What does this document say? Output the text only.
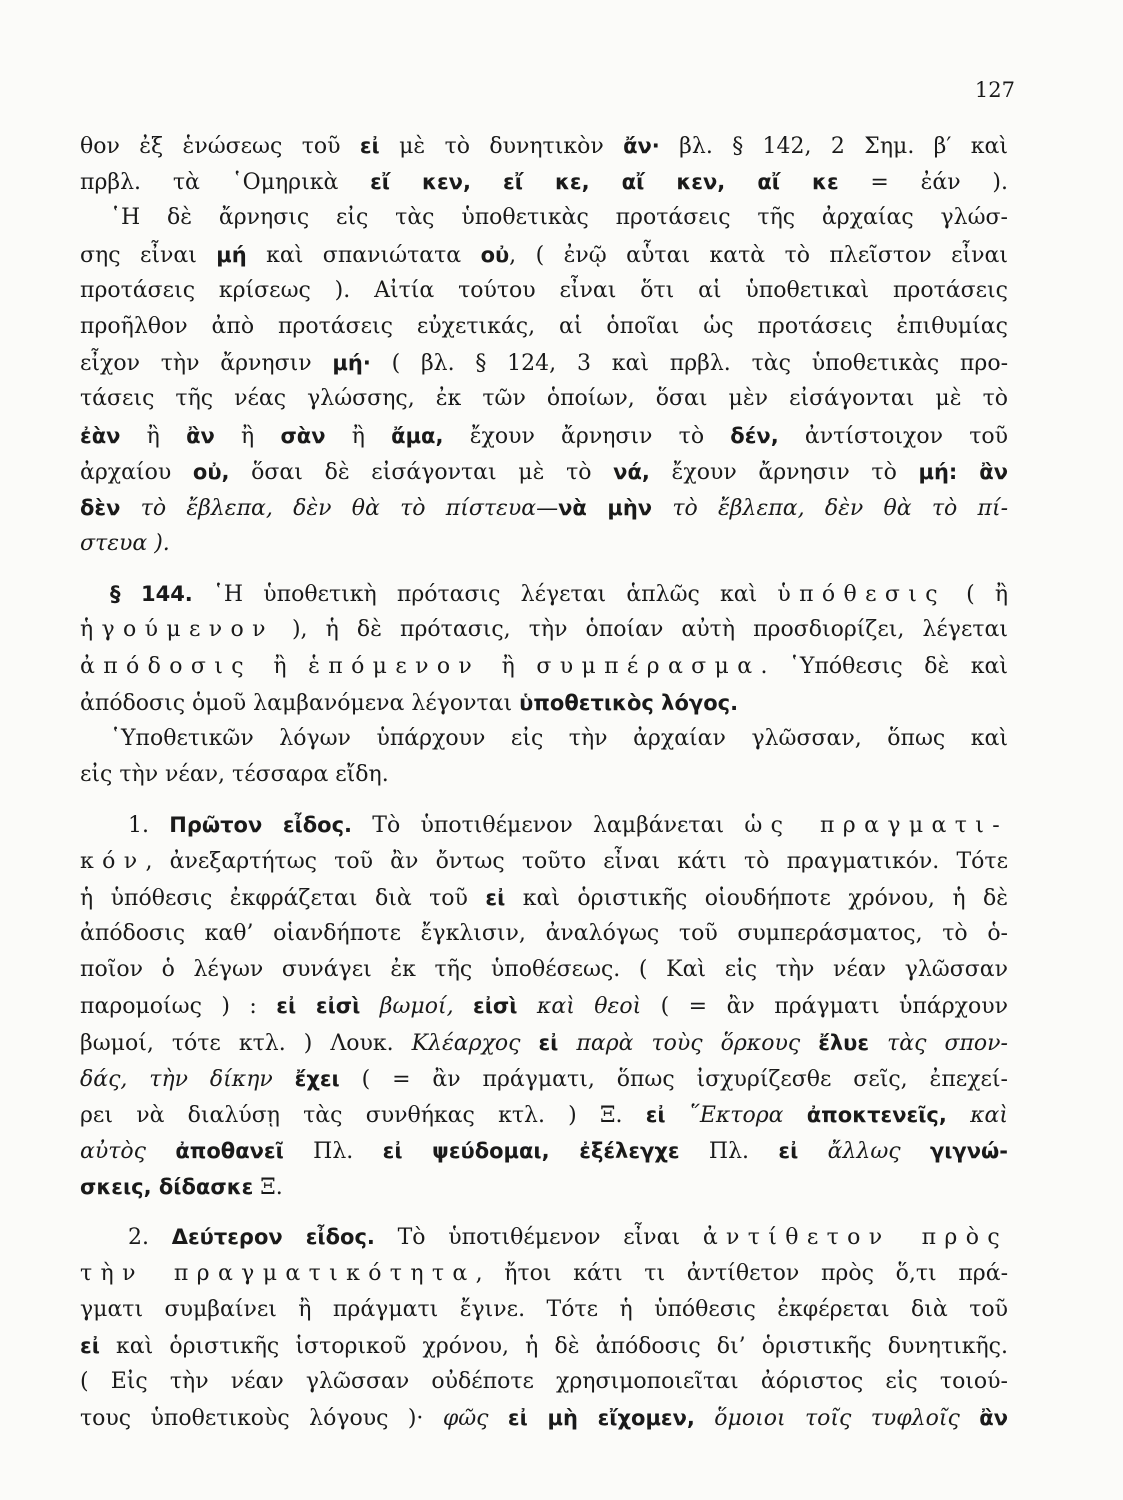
127
θον ἐξ ἑνώσεως τοῦ εἰ μὲ τὸ δυνητικὸν ἄν· βλ. § 142, 2 Σημ. β′ καὶ
πρβλ. τὰ ῾Ομηρικὰ εἴ κεν, εἴ κε, αἴ κεν, αἴ κε = ἐάν ).
῾Η δὲ ἄρνησις εἰς τὰς ὑποθετικὰς προτάσεις τῆς ἀρχαίας γλώσ-
σης εἶναι μή καὶ σπανιώτατα οὐ, ( ἐνῷ αὗται κατὰ τὸ πλεῖστον εἶναι
προτάσεις κρίσεως ). Αἰτία τούτου εἶναι ὅτι αἱ ὑποθετικαὶ προτάσεις
προῆλθον ἀπὸ προτάσεις εὐχετικάς, αἱ ὁποῖαι ὡς προτάσεις ἐπιθυμίας
εἶχον τὴν ἄρνησιν μή· ( βλ. § 124, 3 καὶ πρβλ. τὰς ὑποθετικὰς προ-
τάσεις τῆς νέας γλώσσης, ἐκ τῶν ὁποίων, ὅσαι μὲν εἰσάγονται μὲ τὸ
ἐὰν ἢ ἂν ἢ σὰν ἢ ἄμα, ἔχουν ἄρνησιν τὸ δέν, ἀντίστοιχον τοῦ
ἀρχαίου οὐ, ὅσαι δὲ εἰσάγονται μὲ τὸ νά, ἔχουν ἄρνησιν τὸ μή: ἂν
δὲν τὸ ἔβλεπα, δὲν θὰ τὸ πίστευα—νὰ μὴν τὸ ἔβλεπα, δὲν θὰ τὸ πί-
στευα ).
§ 144. ῾Η ὑποθετικὴ πρότασις λέγεται ἁπλῶς καὶ ὑπόθεσις ( ἢ
ἡγούμενον ), ἡ δὲ πρότασις, τὴν ὁποίαν αὐτὴ προσδιορίζει, λέγεται
ἀπόδοσις ἢ ἑπόμενον ἢ συμπέρασμα. ῾Υπόθεσις δὲ καὶ
ἀπόδοσις ὁμοῦ λαμβανόμενα λέγονται ὑποθετικὸς λόγος.
῾Υποθετικῶν λόγων ὑπάρχουν εἰς τὴν ἀρχαίαν γλῶσσαν, ὅπως καὶ
εἰς τὴν νέαν, τέσσαρα εἴδη.
1. Πρῶτον εἶδος. Τὸ ὑποτιθέμενον λαμβάνεται ὡς πραγματι-
κόν, ἀνεξαρτήτως τοῦ ἂν ὄντως τοῦτο εἶναι κάτι τὸ πραγματικόν. Τότε
ἡ ὑπόθεσις ἐκφράζεται διὰ τοῦ εἰ καὶ ὁριστικῆς οἱουδήποτε χρόνου, ἡ δὲ
ἀπόδοσις καθ’ οἱανδήποτε ἔγκλισιν, ἀναλόγως τοῦ συμπεράσματος, τὸ ὁ-
ποῖον ὁ λέγων συνάγει ἐκ τῆς ὑποθέσεως. ( Καὶ εἰς τὴν νέαν γλῶσσαν
παρομοίως ) : εἰ εἰσὶ βωμοί, εἰσὶ καὶ θεοὶ ( = ἂν πράγματι ὑπάρχουν
βωμοί, τότε κτλ. ) Λουκ. Κλέαρχος εἰ παρὰ τοὺς ὅρκους ἔλυε τὰς σπον-
δάς, τὴν δίκην ἔχει ( = ἂν πράγματι, ὅπως ἰσχυρίζεσθε σεῖς, ἐπεχεί-
ρει νὰ διαλύσῃ τὰς συνθήκας κτλ. ) Ξ. εἰ ῞Εκτορα ἀποκτενεῖς, καὶ
αὐτὸς ἀποθανεῖ Πλ. εἰ ψεύδομαι, ἐξέλεγχε Πλ. εἰ ἄλλως γιγνώ-
σκεις, δίδασκε Ξ.
2. Δεύτερον εἶδος. Τὸ ὑποτιθέμενον εἶναι ἀντίθετον πρὸς
τὴν πραγματικότητα, ἤτοι κάτι τι ἀντίθετον πρὸς ὅ,τι πρά-
γματι συμβαίνει ἢ πράγματι ἔγινε. Τότε ἡ ὑπόθεσις ἐκφέρεται διὰ τοῦ
εἰ καὶ ὁριστικῆς ἱστορικοῦ χρόνου, ἡ δὲ ἀπόδοσις δι’ ὁριστικῆς δυνητικῆς.
( Εἰς τὴν νέαν γλῶσσαν οὐδέποτε χρησιμοποιεῖται ἀόριστος εἰς τοιού-
τους ὑποθετικοὺς λόγους )· φῶς εἰ μὴ εἴχομεν, ὅμοιοι τοῖς τυφλοῖς ἂν
